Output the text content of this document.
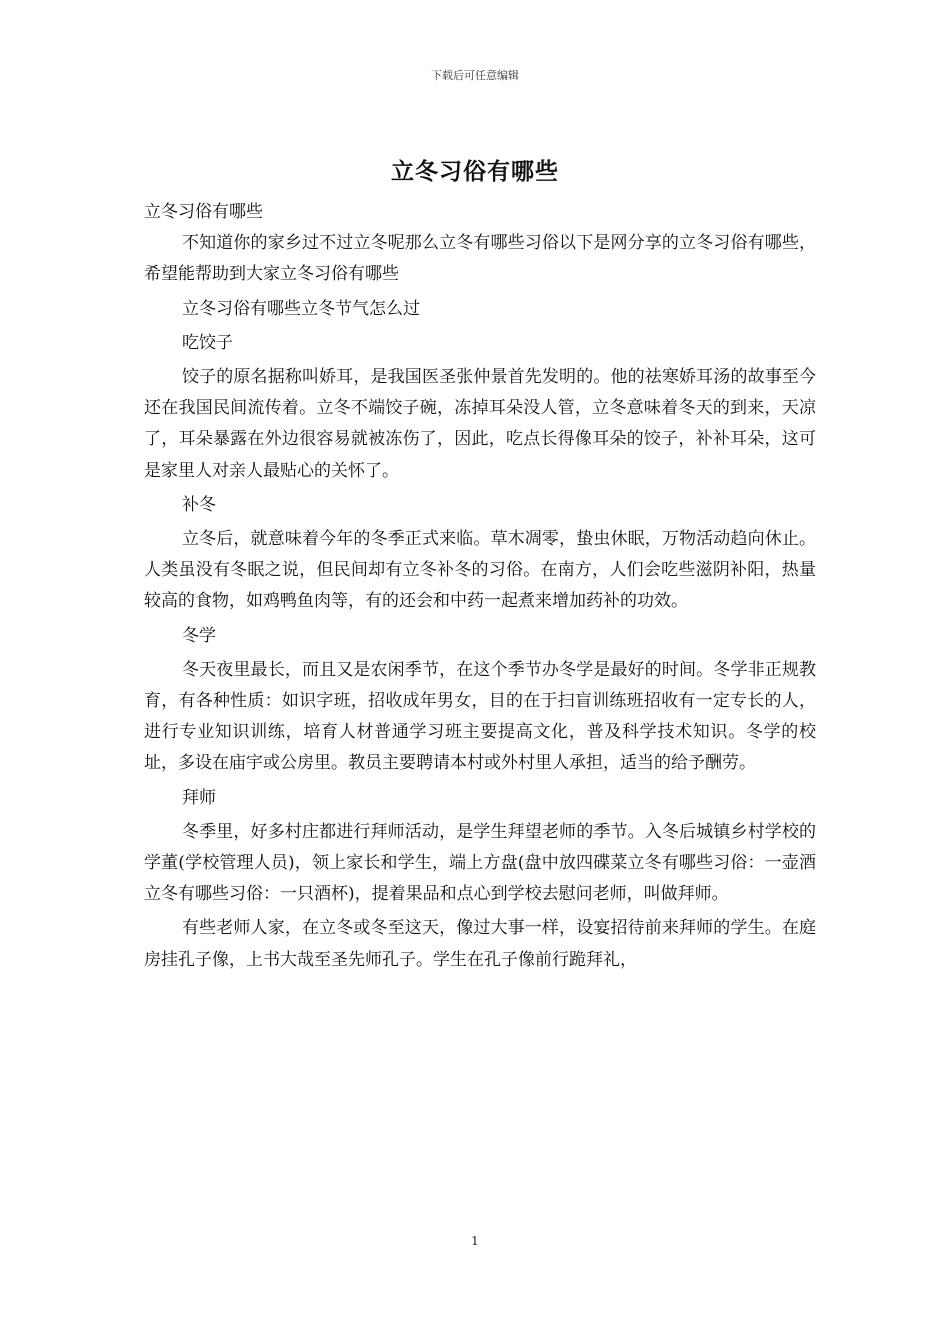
下载后可任意编辑
立冬习俗有哪些

立冬习俗有哪些

不知道你的家乡过不过立冬呢那么立冬有哪些习俗以下是网分享的立冬习俗有哪些，希望能帮助到大家立冬习俗有哪些

立冬习俗有哪些立冬节气怎么过

吃饺子

饺子的原名据称叫娇耳，是我国医圣张仲景首先发明的。他的祛寒娇耳汤的故事至今还在我国民间流传着。立冬不端饺子碗，冻掉耳朵没人管，立冬意味着冬天的到来，天凉了，耳朵暴露在外边很容易就被冻伤了，因此，吃点长得像耳朵的饺子，补补耳朵，这可是家里人对亲人最贴心的关怀了。

补冬

立冬后，就意味着今年的冬季正式来临。草木凋零，蛰虫休眠，万物活动趋向休止。人类虽没有冬眠之说，但民间却有立冬补冬的习俗。在南方，人们会吃些滋阴补阳，热量较高的食物，如鸡鸭鱼肉等，有的还会和中药一起煮来增加药补的功效。

冬学

冬天夜里最长，而且又是农闲季节，在这个季节办冬学是最好的时间。冬学非正规教育，有各种性质：如识字班，招收成年男女，目的在于扫盲训练班招收有一定专长的人，进行专业知识训练，培育人材普通学习班主要提高文化，普及科学技术知识。冬学的校址，多设在庙宇或公房里。教员主要聘请本村或外村里人承担，适当的给予酬劳。

拜师

冬季里，好多村庄都进行拜师活动，是学生拜望老师的季节。入冬后城镇乡村学校的学董(学校管理人员)，领上家长和学生，端上方盘(盘中放四碟菜立冬有哪些习俗：一壶酒立冬有哪些习俗：一只酒杯)，提着果品和点心到学校去慰问老师，叫做拜师。

有些老师人家，在立冬或冬至这天，像过大事一样，设宴招待前来拜师的学生。在庭房挂孔子像，上书大哉至圣先师孔子。学生在孔子像前行跪拜礼，

1
